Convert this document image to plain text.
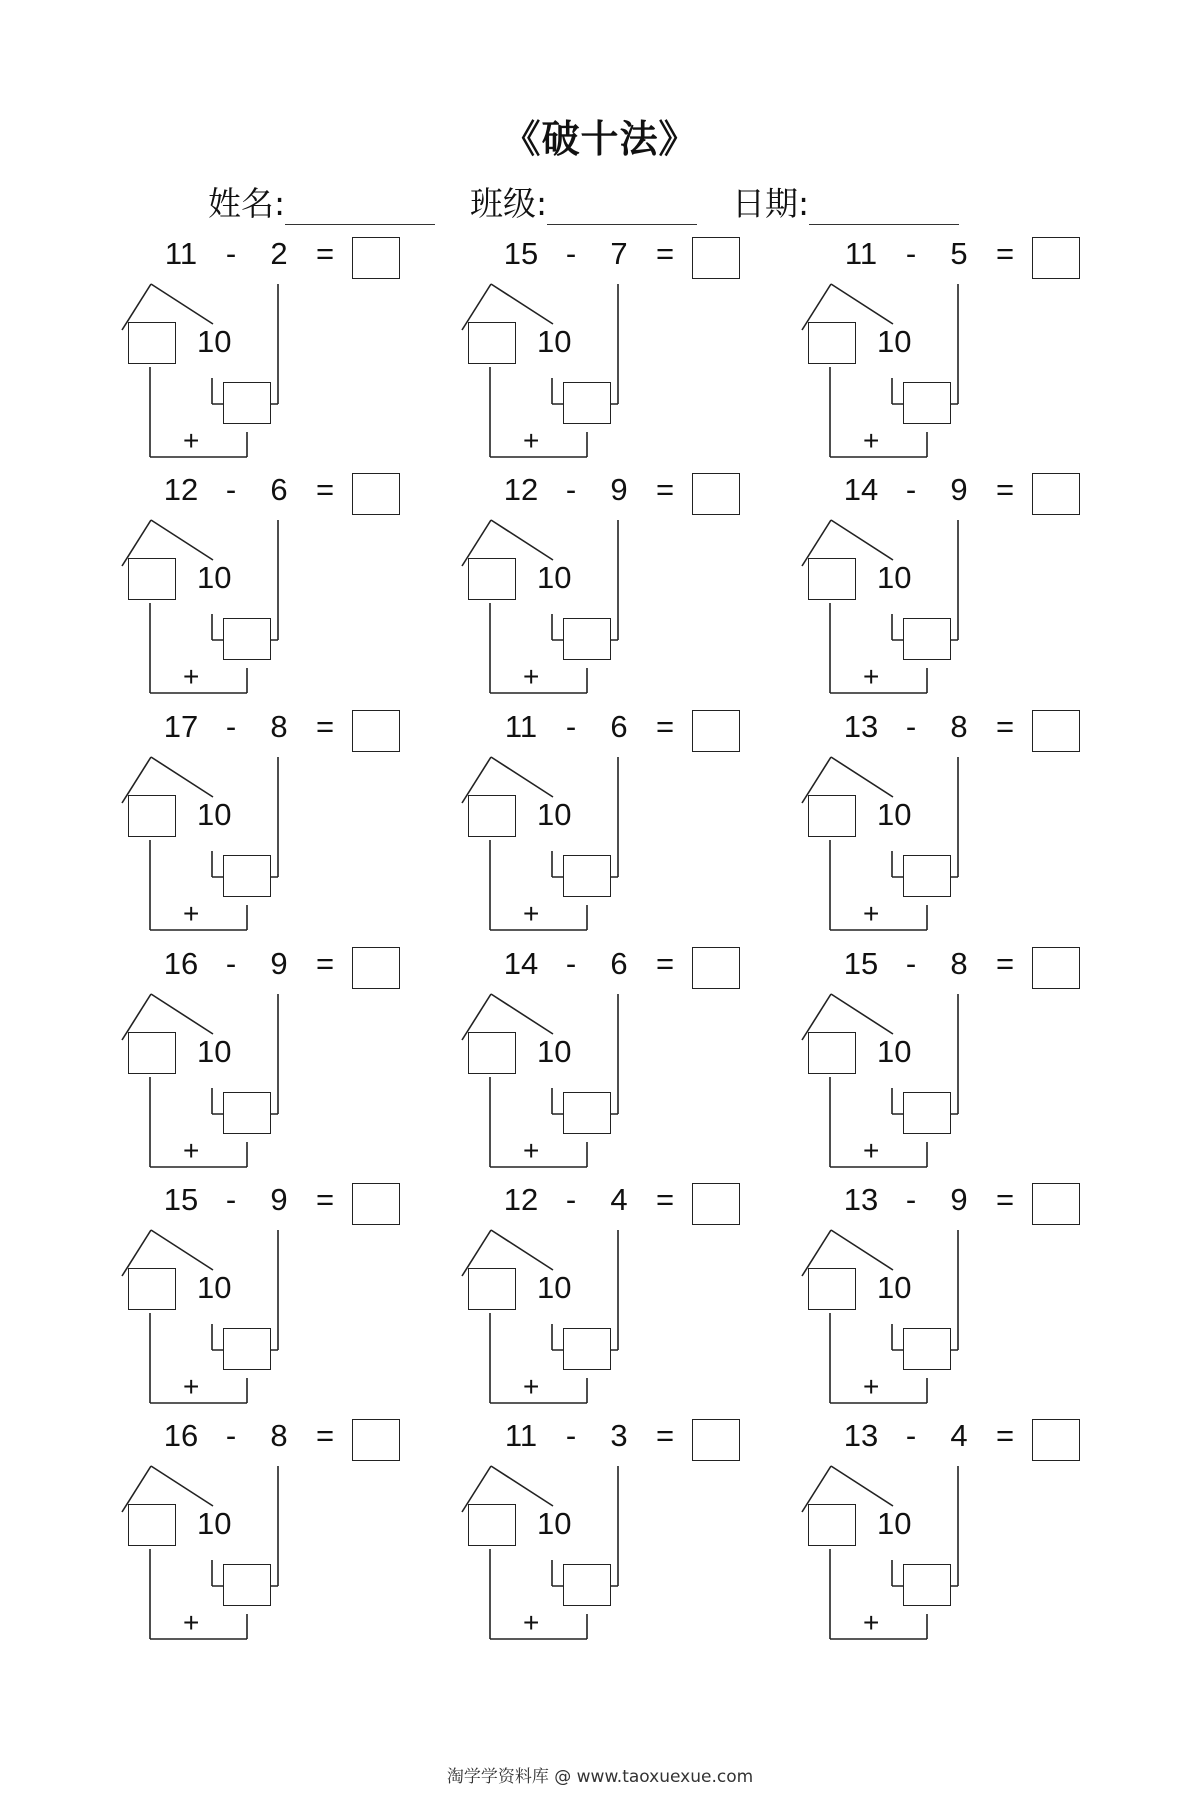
《破十法》
姓名:	班级:	日期:
11 -	2 =
10
+
15 -	7 =
10
+
11 -	5 =
10
+
12 -	6 =
10
+
12 -	9 =
10
+
14 -	9 =
10
+
17 -	8 =
10
+
11 -	6 =
10
+
13 -	8 =
10
+
16 -	9 =
10
+
14 -	6 =
10
+
15 -	8 =
10
+
15 -	9 =
10
+
12 -	4 =
10
+
13 -	9 =
10
+
16 -	8 =
10
+
11 -	3 =
10
+
13 -	4 =
10
+
淘学学资料库 @ www.taoxuexue.com
